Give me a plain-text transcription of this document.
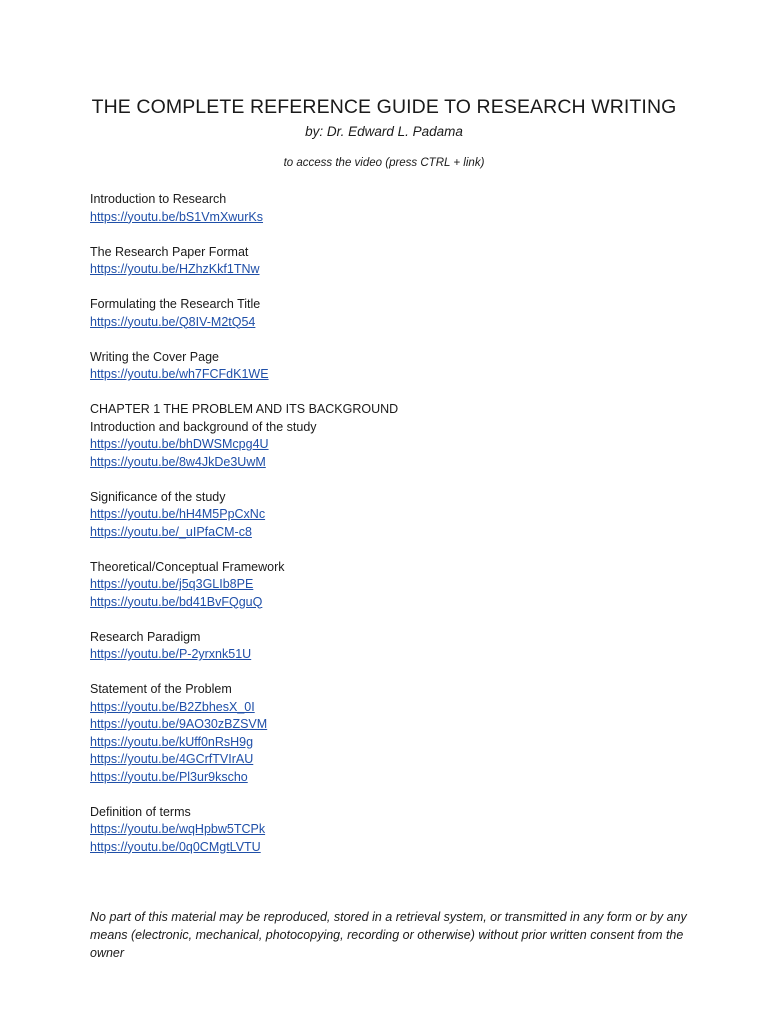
THE COMPLETE REFERENCE GUIDE TO RESEARCH WRITING
by: Dr. Edward L. Padama
to access the video (press CTRL + link)
Introduction to Research
https://youtu.be/bS1VmXwurKs
The Research Paper Format
https://youtu.be/HZhzKkf1TNw
Formulating the Research Title
https://youtu.be/Q8IV-M2tQ54
Writing the Cover Page
https://youtu.be/wh7FCFdK1WE
CHAPTER 1 THE PROBLEM AND ITS BACKGROUND
Introduction and background of the study
https://youtu.be/bhDWSMcpg4U
https://youtu.be/8w4JkDe3UwM
Significance of the study
https://youtu.be/hH4M5PpCxNc
https://youtu.be/_uIPfaCM-c8
Theoretical/Conceptual Framework
https://youtu.be/j5q3GLIb8PE
https://youtu.be/bd41BvFQguQ
Research Paradigm
https://youtu.be/P-2yrxnk51U
Statement of the Problem
https://youtu.be/B2ZbhesX_0I
https://youtu.be/9AO30zBZSVM
https://youtu.be/kUff0nRsH9g
https://youtu.be/4GCrfTVIrAU
https://youtu.be/Pl3ur9kscho
Definition of terms
https://youtu.be/wqHpbw5TCPk
https://youtu.be/0q0CMgtLVTU
No part of this material may be reproduced, stored in a retrieval system, or transmitted in any form or by any means (electronic, mechanical, photocopying, recording or otherwise) without prior written consent from the owner
